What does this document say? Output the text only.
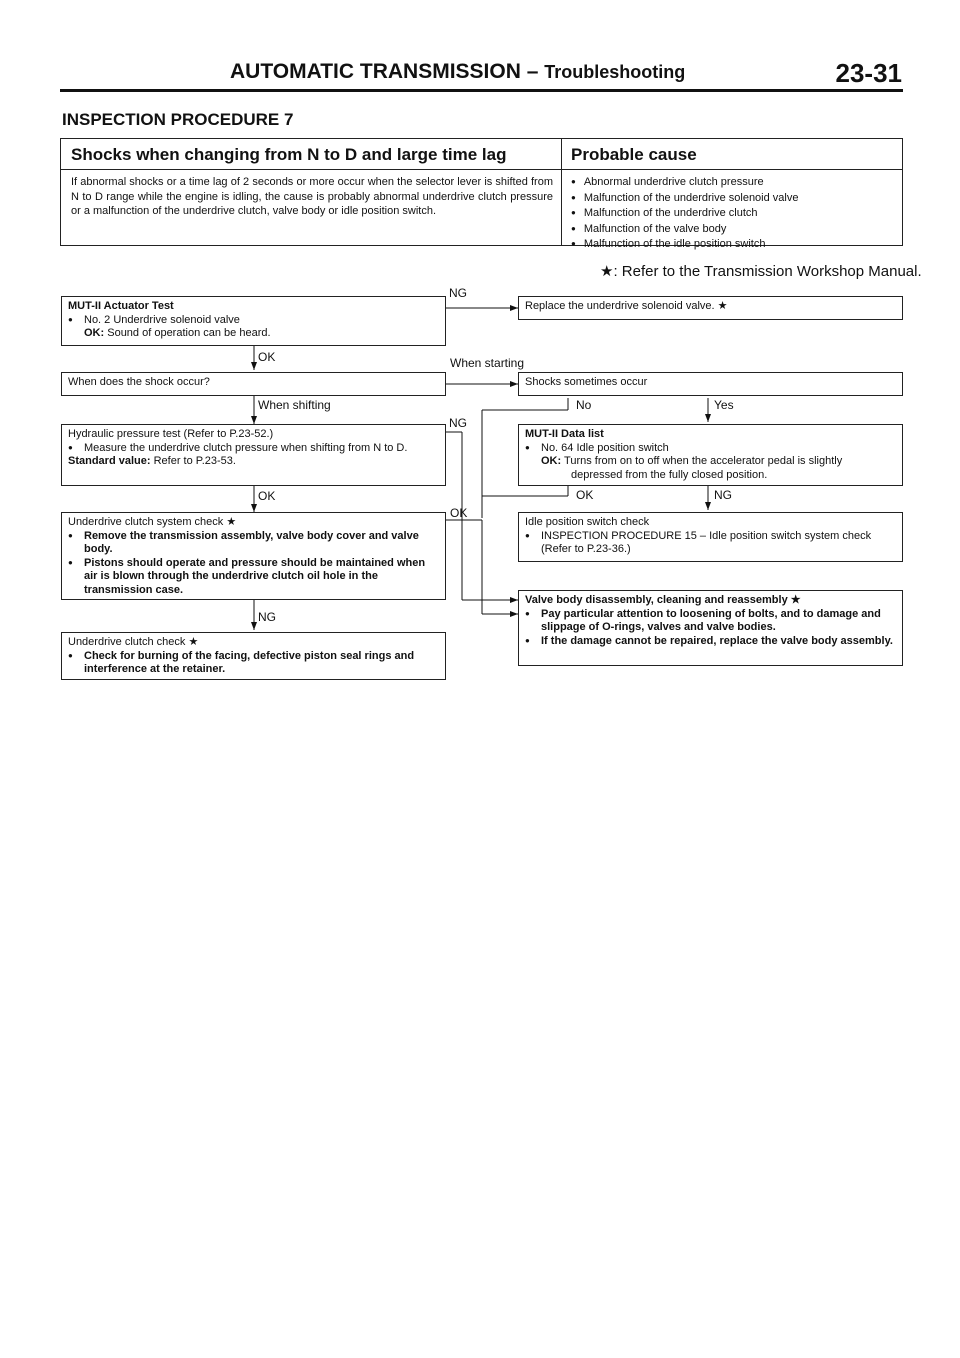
AUTOMATIC TRANSMISSION – Troubleshooting	23-31
INSPECTION PROCEDURE 7
Shocks when changing from N to D and large time lag	Probable cause
If abnormal shocks or a time lag of 2 seconds or more occur when the selector lever is shifted from N to D range while the engine is idling, the cause is probably abnormal underdrive clutch pressure or a malfunction of the underdrive clutch, valve body or idle position switch.
● Abnormal underdrive clutch pressure
● Malfunction of the underdrive solenoid valve
● Malfunction of the underdrive clutch
● Malfunction of the valve body
● Malfunction of the idle position switch
★: Refer to the Transmission Workshop Manual.
MUT-II Actuator Test
● No. 2 Underdrive solenoid valve
OK: Sound of operation can be heard.
Replace the underdrive solenoid valve. ★
When does the shock occur?	Shocks sometimes occur
Hydraulic pressure test (Refer to P.23-52.)
● Measure the underdrive clutch pressure when shifting from N to D.
Standard value: Refer to P.23-53.
MUT-II Data list
● No. 64 Idle position switch
OK: Turns from on to off when the accelerator pedal is slightly depressed from the fully closed position.
Underdrive clutch system check ★
● Remove the transmission assembly, valve body cover and valve body.
● Pistons should operate and pressure should be maintained when air is blown through the underdrive clutch oil hole in the transmission case.
Idle position switch check
● INSPECTION PROCEDURE 15 – Idle position switch system check (Refer to P.23-36.)
Valve body disassembly, cleaning and reassembly ★
● Pay particular attention to loosening of bolts, and to damage and slippage of O-rings, valves and valve bodies.
● If the damage cannot be repaired, replace the valve body assembly.
Underdrive clutch check ★
● Check for burning of the facing, defective piston seal rings and interference at the retainer.
NG
OK	When starting
When shifting	No	Yes
NG
OK	OK	NG
OK
NG
